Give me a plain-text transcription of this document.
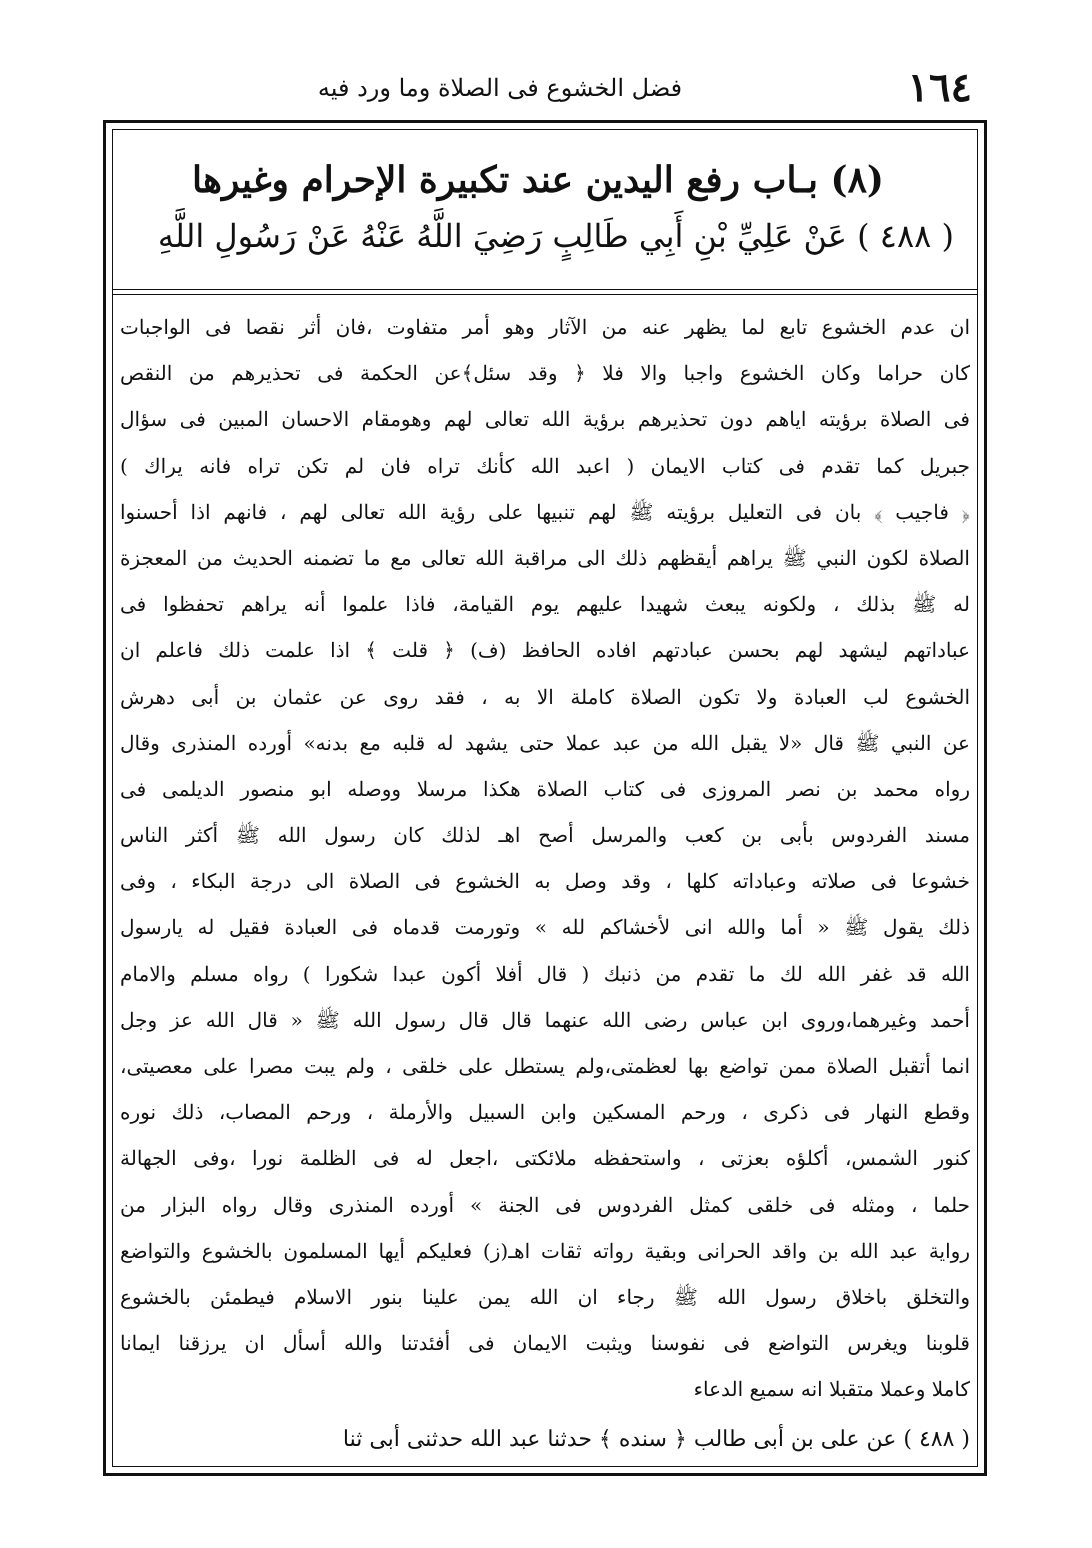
١٦٤
فضل الخشوع فى الصلاة وما ورد فيه
(٨) بـاب رفع اليدين عند تكبيرة الإحرام وغيرها
( ٤٨٨ ) عَنْ عَلِيِّ بْنِ أَبِي طَالِبٍ رَضِيَ اللَّهُ عَنْهُ عَنْ رَسُولِ اللَّهِ
ان عدم الخشوع تابع لما يظهر عنه من الآثار وهو أمر متفاوت ،فان أثر نقصا فى الواجبات
كان حراما وكان الخشوع واجبا والا فلا ﴿ وقد سئل﴾عن الحكمة فى تحذيرهم من النقص
فى الصلاة برؤيته اياهم دون تحذيرهم برؤية الله تعالى لهم وهومقام الاحسان المبين فى سؤال
جبريل كما تقدم فى كتاب الايمان ( اعبد الله كأنك تراه فان لم تكن تراه فانه يراك )
﴿ فاجيب ﴾ بان فى التعليل برؤيته ﷺ لهم تنبيها على رؤية الله تعالى لهم ، فانهم اذا أحسنوا
الصلاة لكون النبي ﷺ يراهم أيقظهم ذلك الى مراقبة الله تعالى مع ما تضمنه الحديث من المعجزة
له ﷺ بذلك ، ولكونه يبعث شهيدا عليهم يوم القيامة، فاذا علموا أنه يراهم تحفظوا فى
عباداتهم ليشهد لهم بحسن عبادتهم افاده الحافظ (ف) ﴿ قلت ﴾ اذا علمت ذلك فاعلم ان
الخشوع لب العبادة ولا تكون الصلاة كاملة الا به ، فقد روى عن عثمان بن أبى دهرش
عن النبي ﷺ قال «لا يقبل الله من عبد عملا حتى يشهد له قلبه مع بدنه» أورده المنذرى وقال
رواه محمد بن نصر المروزى فى كتاب الصلاة هكذا مرسلا ووصله ابو منصور الديلمى فى
مسند الفردوس بأبى بن كعب والمرسل أصح اهـ لذلك كان رسول الله ﷺ أكثر الناس
خشوعا فى صلاته وعباداته كلها ، وقد وصل به الخشوع فى الصلاة الى درجة البكاء ، وفى
ذلك يقول ﷺ « أما والله انى لأخشاكم لله » وتورمت قدماه فى العبادة فقيل له يارسول
الله قد غفر الله لك ما تقدم من ذنبك ( قال أفلا أكون عبدا شكورا ) رواه مسلم والامام
أحمد وغيرهما،وروى ابن عباس رضى الله عنهما قال قال رسول الله ﷺ « قال الله عز وجل
انما أتقبل الصلاة ممن تواضع بها لعظمتى،ولم يستطل على خلقى ، ولم يبت مصرا على معصيتى،
وقطع النهار فى ذكرى ، ورحم المسكين وابن السبيل والأرملة ، ورحم المصاب، ذلك نوره
كنور الشمس، أكلؤه بعزتى ، واستحفظه ملائكتى ،اجعل له فى الظلمة نورا ،وفى الجهالة
حلما ، ومثله فى خلقى كمثل الفردوس فى الجنة » أورده المنذرى وقال رواه البزار من
رواية عبد الله بن واقد الحرانى وبقية رواته ثقات اهـ(ز) فعليكم أيها المسلمون بالخشوع والتواضع
والتخلق باخلاق رسول الله ﷺ رجاء ان الله يمن علينا بنور الاسلام فيطمئن بالخشوع
قلوبنا ويغرس التواضع فى نفوسنا ويثبت الايمان فى أفئدتنا والله أسأل ان يرزقنا ايمانا
كاملا وعملا متقبلا انه سميع الدعاء
( ٤٨٨ ) عن على بن أبى طالب ﴿ سنده ﴾ حدثنا عبد الله حدثنى أبى ثنا
